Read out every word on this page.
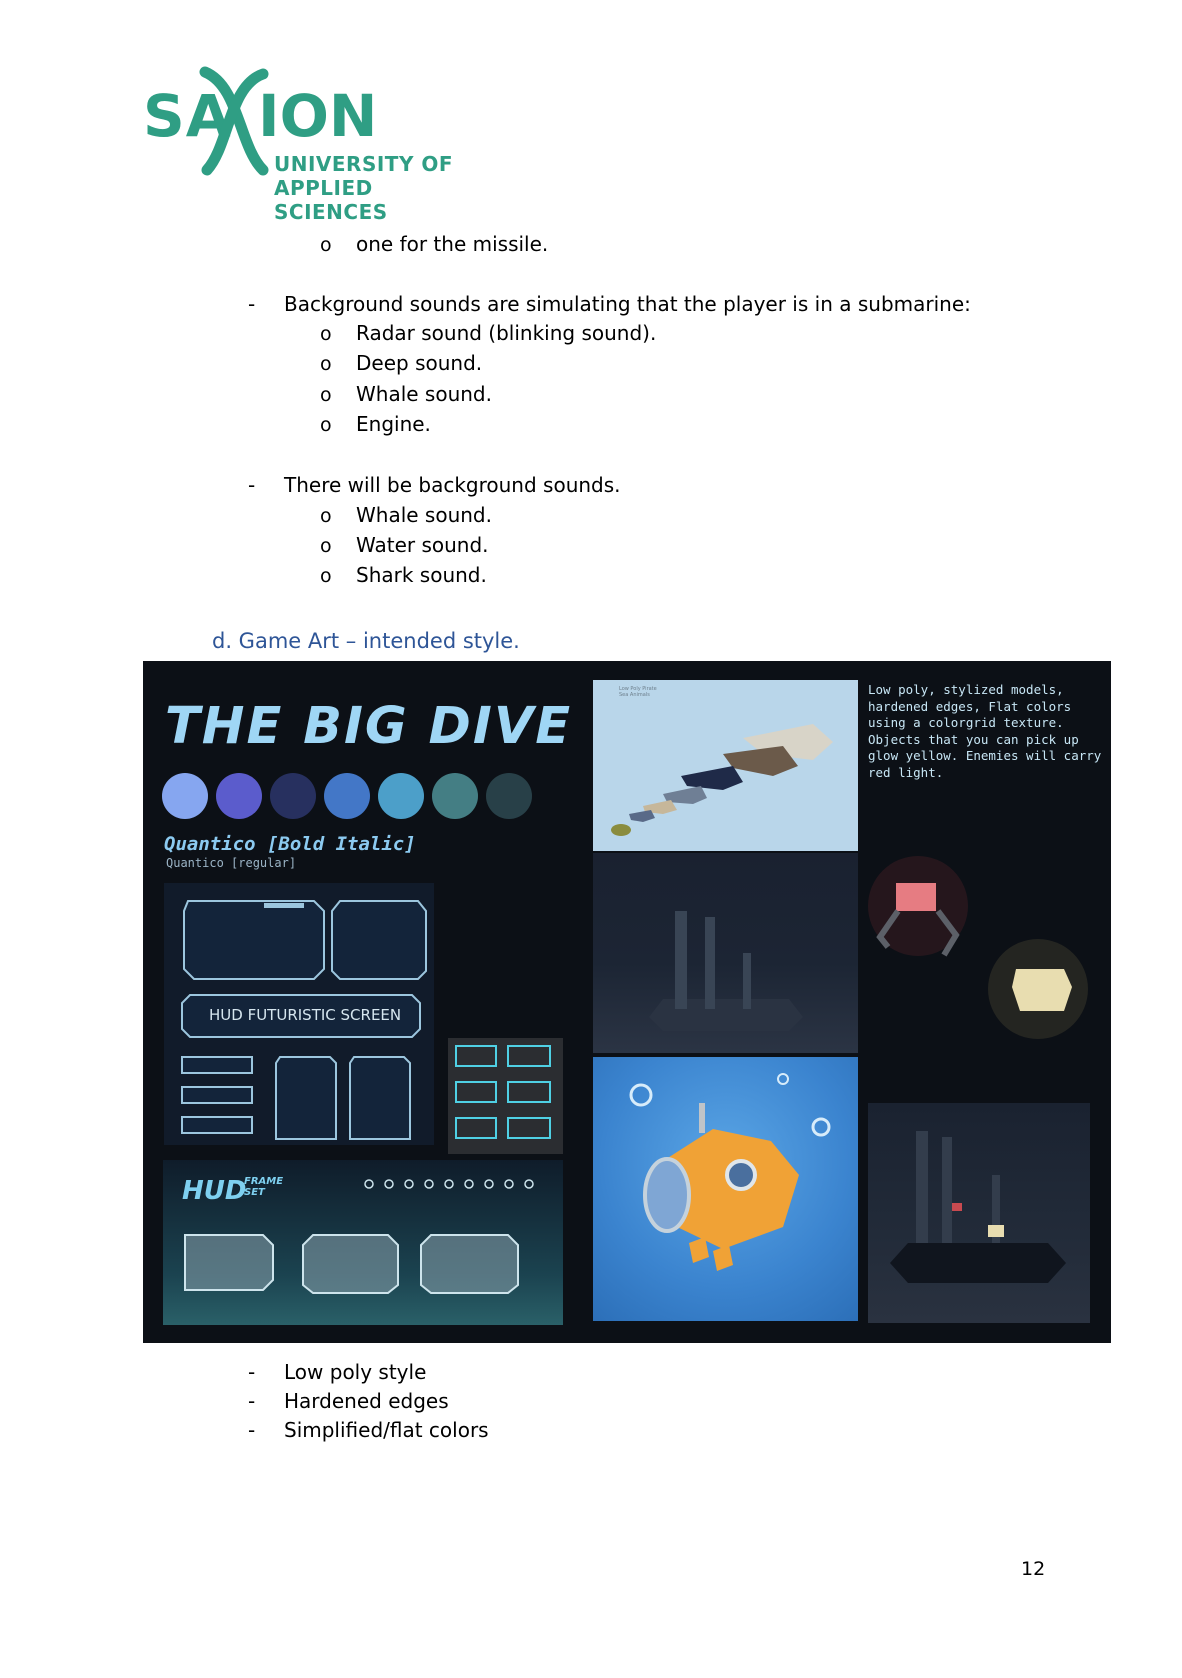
SA ION
UNIVERSITY OF
APPLIED SCIENCES
o one for the missile.
- Background sounds are simulating that the player is in a submarine:
o Radar sound (blinking sound).
o Deep sound.
o Whale sound.
o Engine.
- There will be background sounds.
o Whale sound.
o Water sound.
o Shark sound.
d. Game Art – intended style.
THE BIG DIVE
Quantico [Bold Italic]
Quantico [regular]
HUD FUTURISTIC SCREEN
HUD
FRAME
SET
Low Poly Pirate Sea Animals	Low poly, stylized models, hardened edges, Flat colors using a colorgrid texture. Objects that you can pick up glow yellow. Enemies will carry red light.
- Low poly style
- Hardened edges
- Simplified/flat colors
12
